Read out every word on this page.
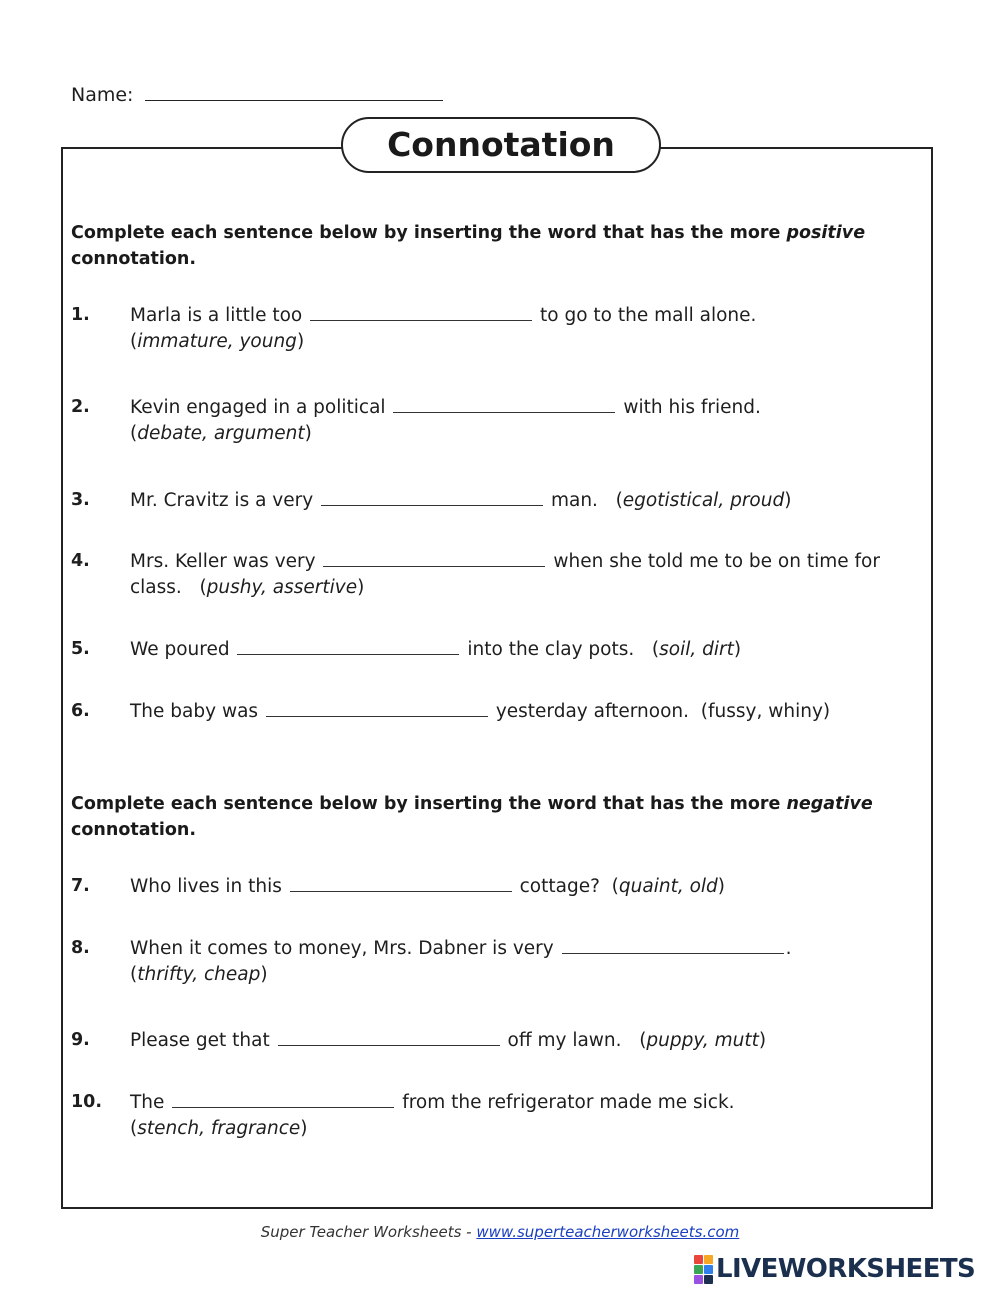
Name:
Connotation
Complete each sentence below by inserting the word that has the more positive
connotation.
1. Marla is a little too	to go to the mall alone.
(immature, young)
2. Kevin engaged in a political	with his friend.
(debate, argument)
3. Mr. Cravitz is a very	man.   (egotistical, proud)
4. Mrs. Keller was very	when she told me to be on time for class.   (pushy, assertive)
5. We poured	into the clay pots.   (soil, dirt)
6. The baby was	yesterday afternoon. (fussy, whiny)
Complete each sentence below by inserting the word that has the more negative
connotation.
7. Who lives in this	cottage?  (quaint, old)
8. When it comes to money, Mrs. Dabner is very	.
(thrifty, cheap)
9. Please get that	off my lawn.   (puppy, mutt)
10. The	from the refrigerator made me sick.
(stench, fragrance)
Super Teacher Worksheets - www.superteacherworksheets.com
LIVEWORKSHEETS
